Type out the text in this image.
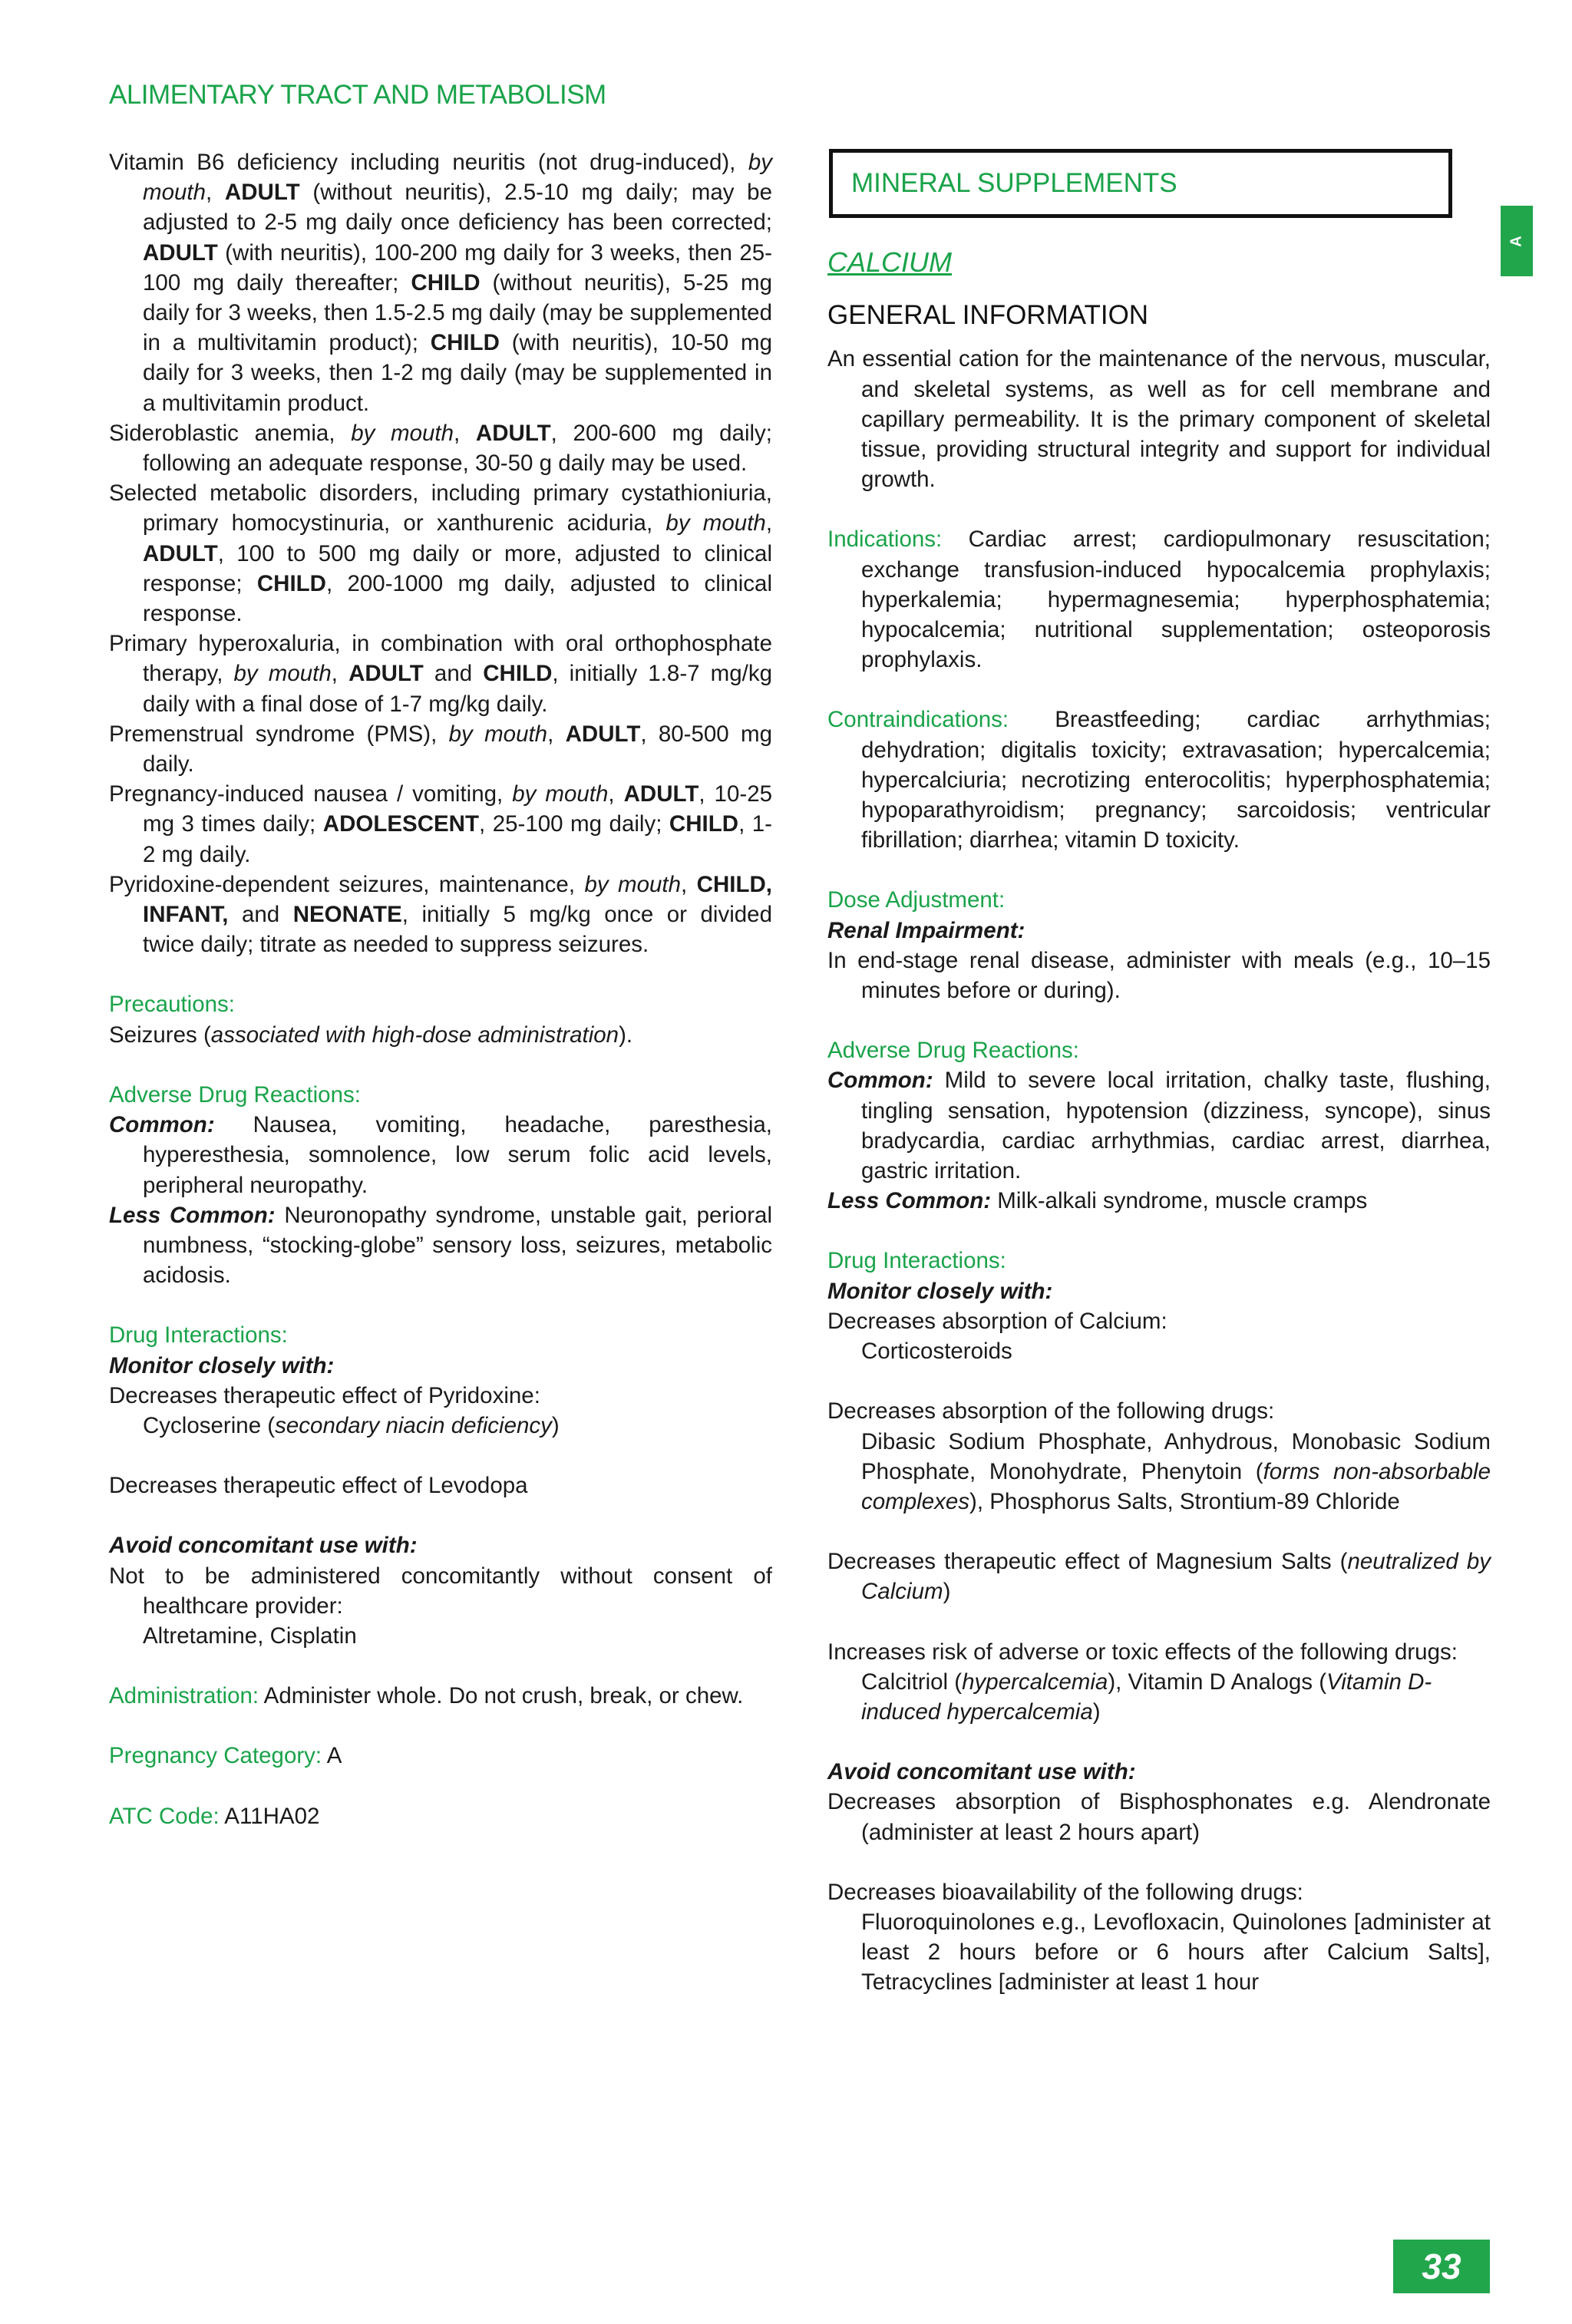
ALIMENTARY TRACT AND METABOLISM
A

Vitamin B6 deficiency including neuritis (not drug-induced), by mouth, ADULT (without neuritis), 2.5-10 mg daily; may be adjusted to 2-5 mg daily once deficiency has been corrected; ADULT (with neuritis), 100-200 mg daily for 3 weeks, then 25-100 mg daily thereafter; CHILD (without neuritis), 5-25 mg daily for 3 weeks, then 1.5-2.5 mg daily (may be supplemented in a multivitamin product); CHILD (with neuritis), 10-50 mg daily for 3 weeks, then 1-2 mg daily (may be supplemented in a multivitamin product.

Sideroblastic anemia, by mouth, ADULT, 200-600 mg daily; following an adequate response, 30-50 g daily may be used.

Selected metabolic disorders, including primary cystathioniuria, primary homocystinuria, or xanthurenic aciduria, by mouth, ADULT, 100 to 500 mg daily or more, adjusted to clinical response; CHILD, 200-1000 mg daily, adjusted to clinical response.

Primary hyperoxaluria, in combination with oral orthophosphate therapy, by mouth, ADULT and CHILD, initially 1.8-7 mg/kg daily with a final dose of 1-7 mg/kg daily.

Premenstrual syndrome (PMS), by mouth, ADULT, 80-500 mg daily.

Pregnancy-induced nausea / vomiting, by mouth, ADULT, 10-25 mg 3 times daily; ADOLESCENT, 25-100 mg daily; CHILD, 1-2 mg daily.

Pyridoxine-dependent seizures, maintenance, by mouth, CHILD, INFANT, and NEONATE, initially 5 mg/kg once or divided twice daily; titrate as needed to suppress seizures.

Precautions:

Seizures (associated with high-dose administration).

Adverse Drug Reactions:

Common: Nausea, vomiting, headache, paresthesia, hyperesthesia, somnolence, low serum folic acid levels, peripheral neuropathy.

Less Common: Neuronopathy syndrome, unstable gait, perioral numbness, “stocking-globe” sensory loss, seizures, metabolic acidosis.

Drug Interactions:
Monitor closely with:

Decreases therapeutic effect of Pyridoxine:

Cycloserine (secondary niacin deficiency)

Decreases therapeutic effect of Levodopa

Avoid concomitant use with:

Not to be administered concomitantly without consent of healthcare provider:

Altretamine, Cisplatin

Administration: Administer whole. Do not crush, break, or chew.

Pregnancy Category: A

ATC Code: A11HA02

MINERAL SUPPLEMENTS
CALCIUM
GENERAL INFORMATION

An essential cation for the maintenance of the nervous, muscular, and skeletal systems, as well as for cell membrane and capillary permeability. It is the primary component of skeletal tissue, providing structural integrity and support for individual growth.

Indications: Cardiac arrest; cardiopulmonary resuscitation; exchange transfusion-induced hypocalcemia prophylaxis; hyperkalemia; hypermagnesemia; hyperphosphatemia; hypocalcemia; nutritional supplementation; osteoporosis prophylaxis.

Contraindications: Breastfeeding; cardiac arrhythmias; dehydration; digitalis toxicity; extravasation; hypercalcemia; hypercalciuria; necrotizing enterocolitis; hyperphosphatemia; hypoparathyroidism; pregnancy; sarcoidosis; ventricular fibrillation; diarrhea; vitamin D toxicity.

Dose Adjustment:
Renal Impairment:

In end-stage renal disease, administer with meals (e.g., 10–15 minutes before or during).

Adverse Drug Reactions:

Common: Mild to severe local irritation, chalky taste, flushing, tingling sensation, hypotension (dizziness, syncope), sinus bradycardia, cardiac arrhythmias, cardiac arrest, diarrhea, gastric irritation.

Less Common: Milk-alkali syndrome, muscle cramps

Drug Interactions:
Monitor closely with:

Decreases absorption of Calcium:

Corticosteroids

Decreases absorption of the following drugs:

Dibasic Sodium Phosphate, Anhydrous, Monobasic Sodium Phosphate, Monohydrate, Phenytoin (forms non-absorbable complexes), Phosphorus Salts, Strontium-89 Chloride

Decreases therapeutic effect of Magnesium Salts (neutralized by Calcium)

Increases risk of adverse or toxic effects of the following drugs:

Calcitriol (hypercalcemia), Vitamin D Analogs (Vitamin D-induced hypercalcemia)

Avoid concomitant use with:

Decreases absorption of Bisphosphonates e.g. Alendronate (administer at least 2 hours apart)

Decreases bioavailability of the following drugs:

Fluoroquinolones e.g., Levofloxacin, Quinolones [administer at least 2 hours before or 6 hours after Calcium Salts], Tetracyclines [administer at least 1 hour

33
